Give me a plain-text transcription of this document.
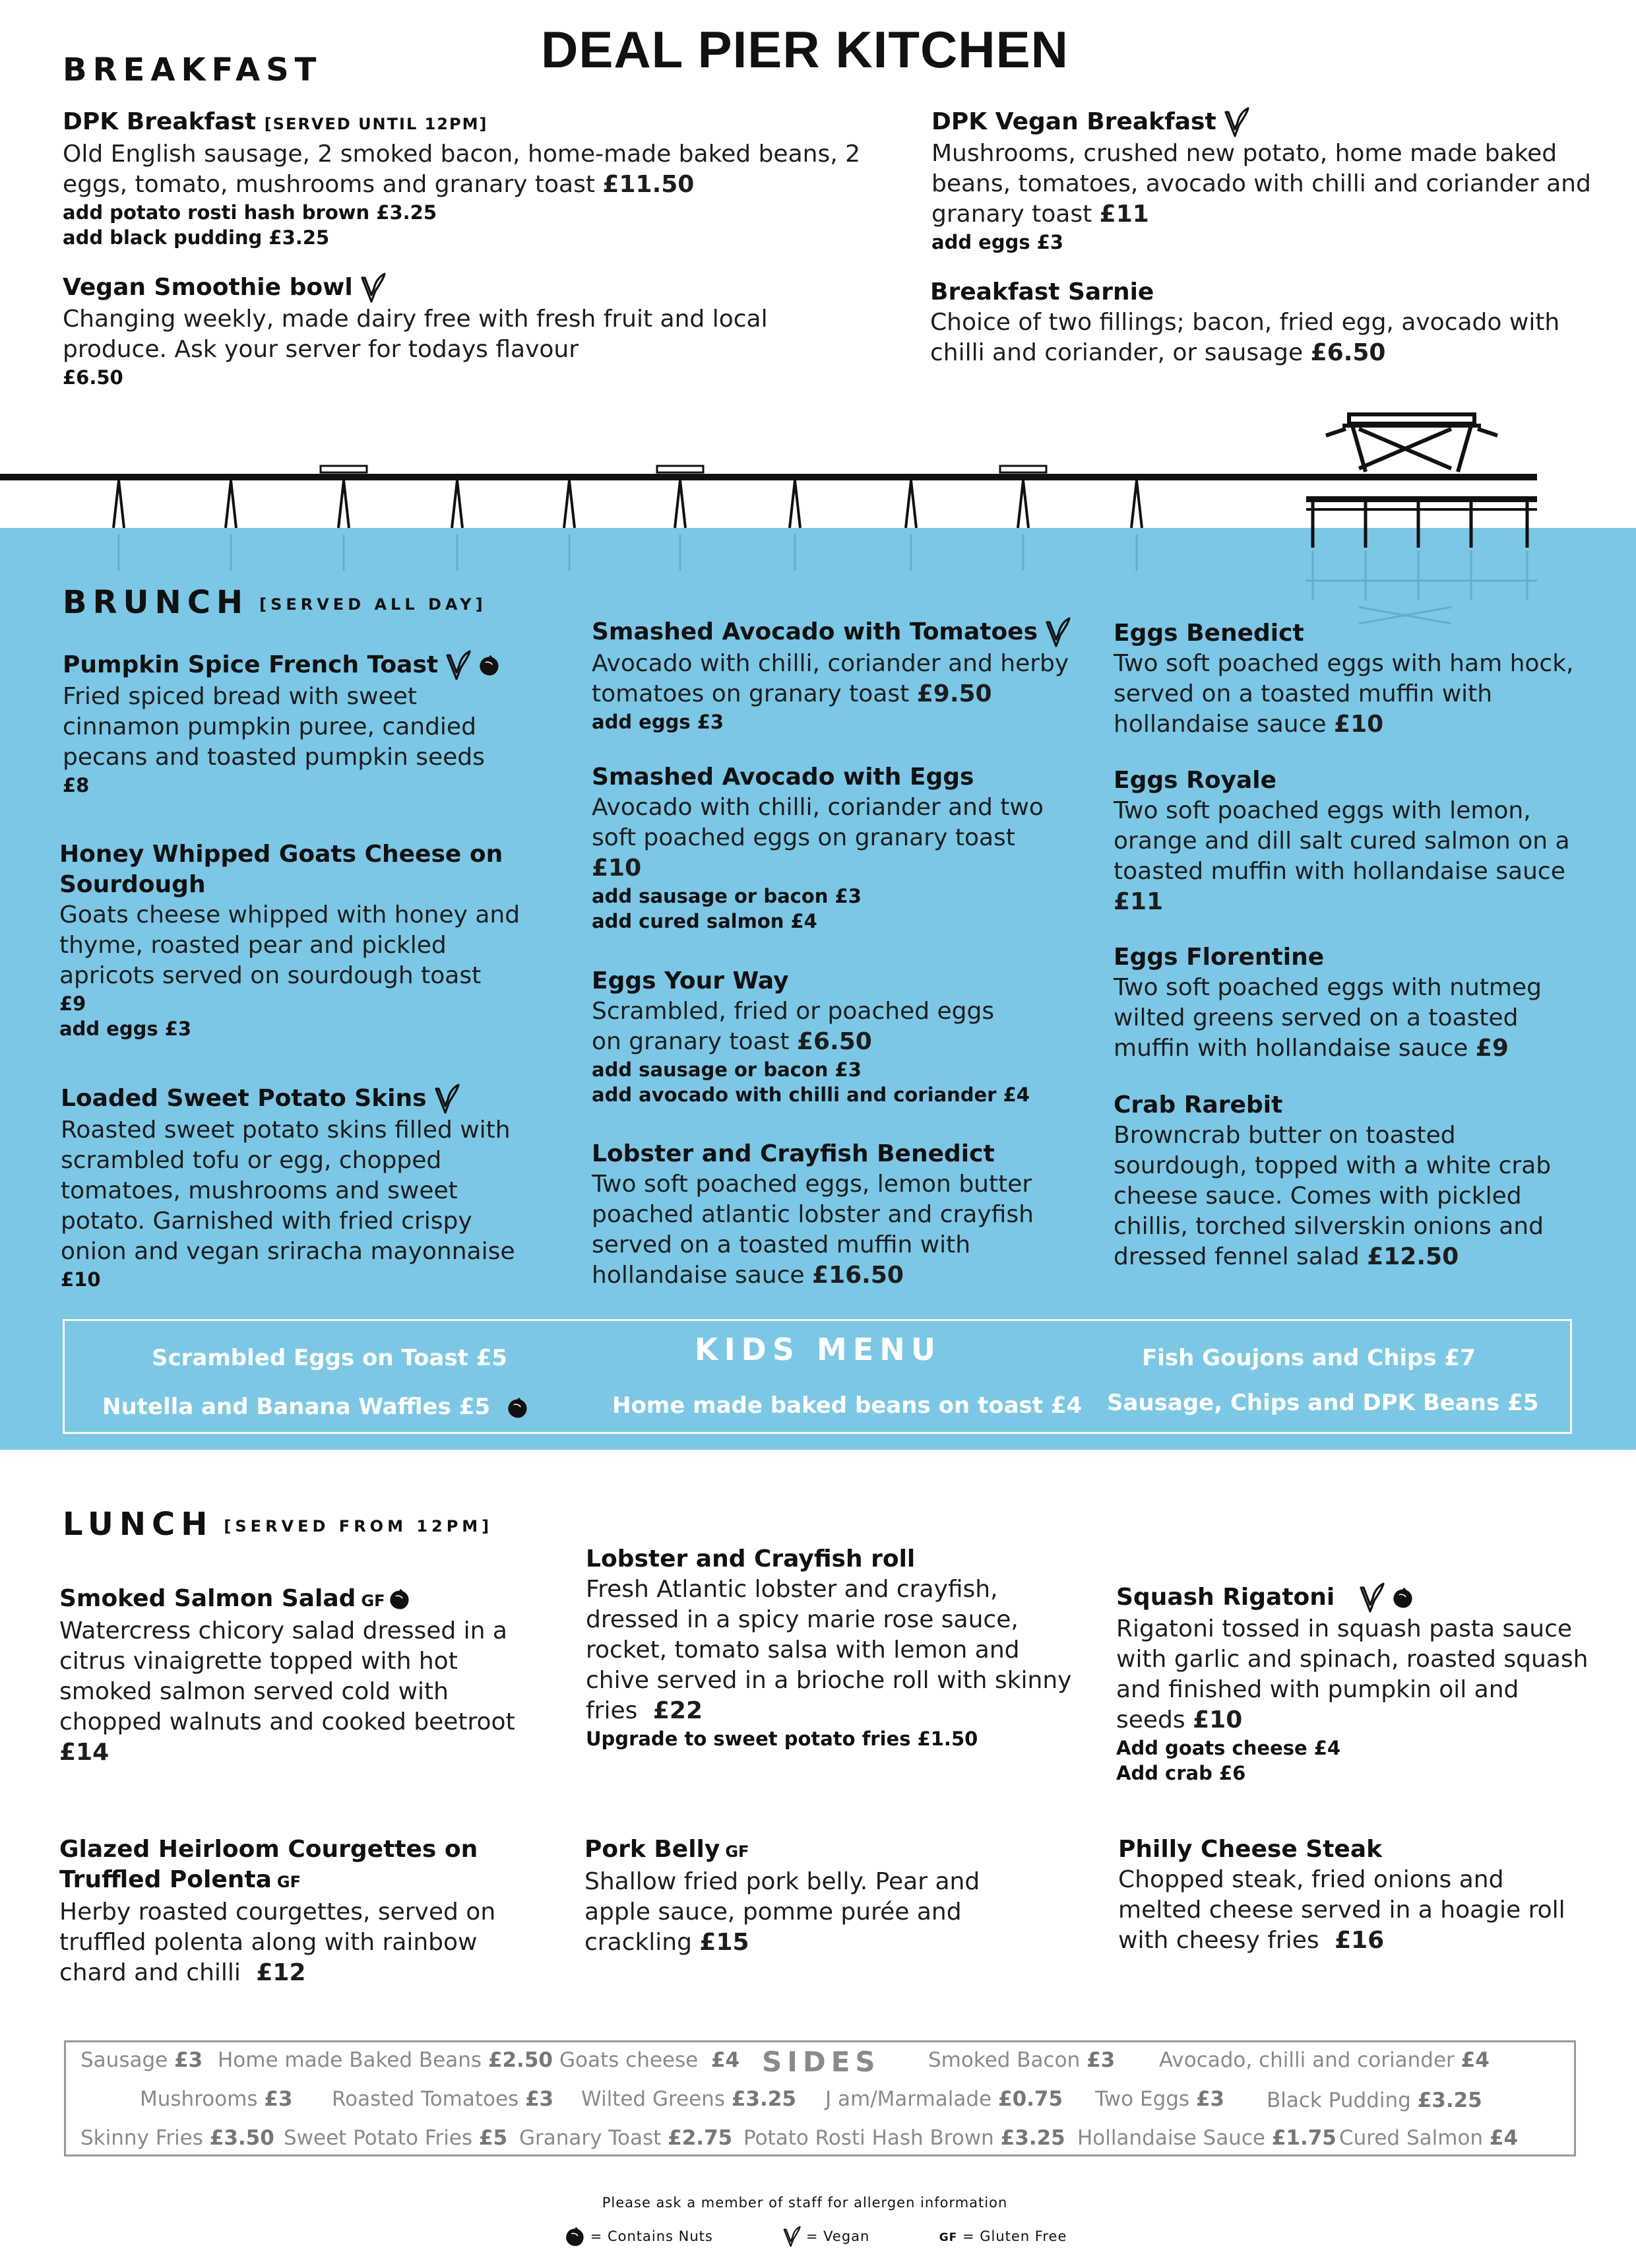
DEAL PIER KITCHEN
BREAKFAST
DPK Breakfast [SERVED UNTIL 12PM]
Old English sausage, 2 smoked bacon, home-made baked beans, 2 eggs, tomato, mushrooms and granary toast £11.50
add potato rosti hash brown £3.25
add black pudding £3.25
DPK Vegan Breakfast
Mushrooms, crushed new potato, home made baked beans, tomatoes, avocado with chilli and coriander and granary toast £11
add eggs £3
Vegan Smoothie bowl
Changing weekly, made dairy free with fresh fruit and local produce. Ask your server for todays flavour
£6.50
Breakfast Sarnie
Choice of two fillings; bacon, fried egg, avocado with chilli and coriander, or sausage £6.50
BRUNCH [SERVED ALL DAY]
Pumpkin Spice French Toast
Fried spiced bread with sweet cinnamon pumpkin puree, candied pecans and toasted pumpkin seeds
£8
Honey Whipped Goats Cheese on Sourdough
Goats cheese whipped with honey and thyme, roasted pear and pickled apricots served on sourdough toast
£9
add eggs £3
Loaded Sweet Potato Skins
Roasted sweet potato skins filled with scrambled tofu or egg, chopped tomatoes, mushrooms and sweet potato. Garnished with fried crispy onion and vegan sriracha mayonnaise
£10
Smashed Avocado with Tomatoes
Avocado with chilli, coriander and herby tomatoes on granary toast £9.50
add eggs £3
Smashed Avocado with Eggs
Avocado with chilli, coriander and two soft poached eggs on granary toast £10
add sausage or bacon £3
add cured salmon £4
Eggs Your Way
Scrambled, fried or poached eggs on granary toast £6.50
add sausage or bacon £3
add avocado with chilli and coriander £4
Lobster and Crayfish Benedict
Two soft poached eggs, lemon butter poached atlantic lobster and crayfish served on a toasted muffin with hollandaise sauce £16.50
Eggs Benedict
Two soft poached eggs with ham hock, served on a toasted muffin with hollandaise sauce £10
Eggs Royale
Two soft poached eggs with lemon, orange and dill salt cured salmon on a toasted muffin with hollandaise sauce £11
Eggs Florentine
Two soft poached eggs with nutmeg wilted greens served on a toasted muffin with hollandaise sauce £9
Crab Rarebit
Browncrab butter on toasted sourdough, topped with a white crab cheese sauce. Comes with pickled chillis, torched silverskin onions and dressed fennel salad £12.50
KIDS MENU
Scrambled Eggs on Toast £5	Fish Goujons and Chips £7
Nutella and Banana Waffles £5	Home made baked beans on toast £4 Sausage, Chips and DPK Beans £5
LUNCH [SERVED FROM 12PM]
Smoked Salmon Salad GF
Watercress chicory salad dressed in a citrus vinaigrette topped with hot smoked salmon served cold with chopped walnuts and cooked beetroot £14
Lobster and Crayfish roll
Fresh Atlantic lobster and crayfish, dressed in a spicy marie rose sauce, rocket, tomato salsa with lemon and chive served in a brioche roll with skinny fries £22
Upgrade to sweet potato fries £1.50
Squash Rigatoni
Rigatoni tossed in squash pasta sauce with garlic and spinach, roasted squash and finished with pumpkin oil and seeds £10
Add goats cheese £4
Add crab £6
Glazed Heirloom Courgettes on Truffled Polenta GF
Herby roasted courgettes, served on truffled polenta along with rainbow chard and chilli £12
Pork Belly GF
Shallow fried pork belly. Pear and apple sauce, pomme purée and crackling £15
Philly Cheese Steak
Chopped steak, fried onions and melted cheese served in a hoagie roll with cheesy fries £16
SIDES
Sausage £3 Home made Baked Beans £2.50 Goats cheese £4	Smoked Bacon £3 Avocado, chilli and coriander £4
Mushrooms £3 Roasted Tomatoes £3 Wilted Greens £3.25 J am/Marmalade £0.75 Two Eggs £3 Black Pudding £3.25
Skinny Fries £3.50 Sweet Potato Fries £5 Granary Toast £2.75 Potato Rosti Hash Brown £3.25 Hollandaise Sauce £1.75 Cured Salmon £4
Please ask a member of staff for allergen information
= Contains Nuts	= Vegan	GF = Gluten Free
